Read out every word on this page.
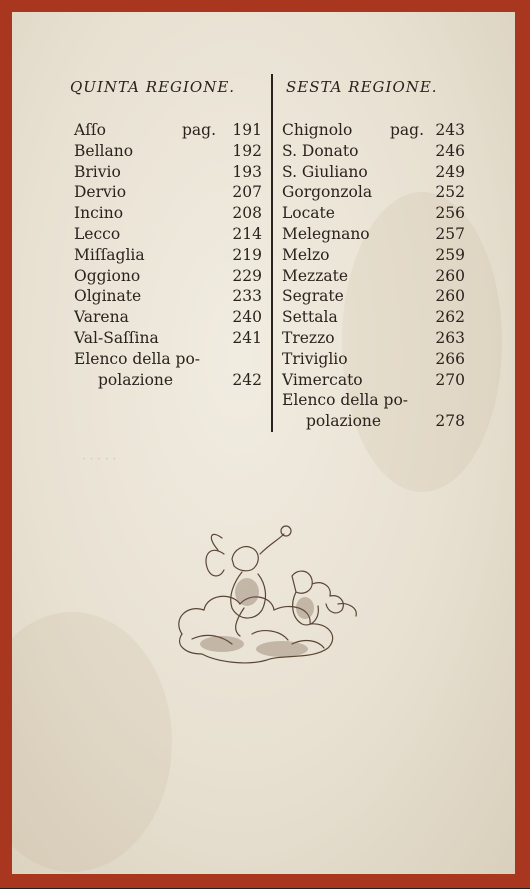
· · · · ·
QUINTA REGIONE.	SESTA REGIONE.
Aſſo	pag. 191
Bellano	192
Brivio	193
Dervio	207
Incino	208
Lecco	214
Miſſaglia	219
Oggiono	229
Olginate	233
Varena	240
Val-Saſſina	241
Elenco della po-
polazione	242
Chignolo pag. 243
S. Donato	246
S. Giuliano	249
Gorgonzola	252
Locate	256
Melegnano	257
Melzo	259
Mezzate	260
Segrate	260
Settala	262
Trezzo	263
Triviglio	266
Vimercato	270
Elenco della po-
polazione	278
